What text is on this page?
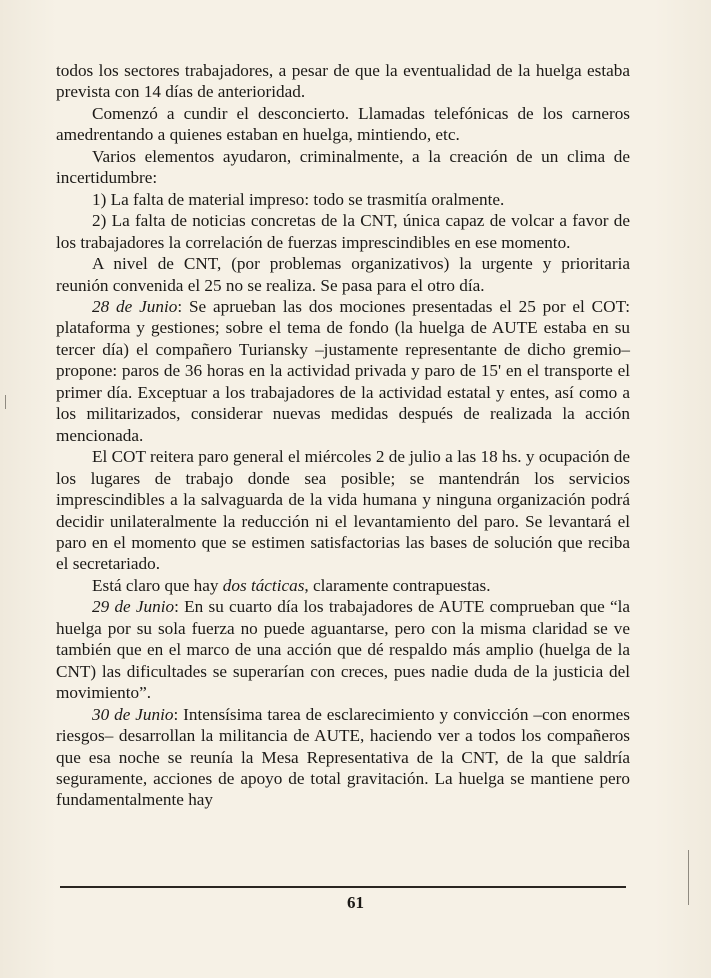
todos los sectores trabajadores, a pesar de que la eventualidad de la huelga estaba prevista con 14 días de anterioridad.

Comenzó a cundir el desconcierto. Llamadas telefónicas de los carneros amedrentando a quienes estaban en huelga, mintiendo, etc.

Varios elementos ayudaron, criminalmente, a la creación de un clima de incertidumbre:

1) La falta de material impreso: todo se trasmitía oralmente.

2) La falta de noticias concretas de la CNT, única capaz de volcar a favor de los trabajadores la correlación de fuerzas imprescindibles en ese momento.

A nivel de CNT, (por problemas organizativos) la urgente y prioritaria reunión convenida el 25 no se realiza. Se pasa para el otro día.

28 de Junio: Se aprueban las dos mociones presentadas el 25 por el COT: plataforma y gestiones; sobre el tema de fondo (la huelga de AUTE estaba en su tercer día) el compañero Turiansky –justamente representante de dicho gremio– propone: paros de 36 horas en la actividad privada y paro de 15' en el transporte el primer día. Exceptuar a los trabajadores de la actividad estatal y entes, así como a los militarizados, considerar nuevas medidas después de realizada la acción mencionada.

El COT reitera paro general el miércoles 2 de julio a las 18 hs. y ocupación de los lugares de trabajo donde sea posible; se mantendrán los servicios imprescindibles a la salvaguarda de la vida humana y ninguna organización podrá decidir unilateralmente la reducción ni el levantamiento del paro. Se levantará el paro en el momento que se estimen satisfactorias las bases de solución que reciba el secretariado.

Está claro que hay dos tácticas, claramente contrapuestas.

29 de Junio: En su cuarto día los trabajadores de AUTE comprueban que “la huelga por su sola fuerza no puede aguantarse, pero con la misma claridad se ve también que en el marco de una acción que dé respaldo más amplio (huelga de la CNT) las dificultades se superarían con creces, pues nadie duda de la justicia del movimiento”.

30 de Junio: Intensísima tarea de esclarecimiento y convicción –con enormes riesgos– desarrollan la militancia de AUTE, haciendo ver a todos los compañeros que esa noche se reunía la Mesa Representativa de la CNT, de la que saldría seguramente, acciones de apoyo de total gravitación. La huelga se mantiene pero fundamentalmente hay

61
